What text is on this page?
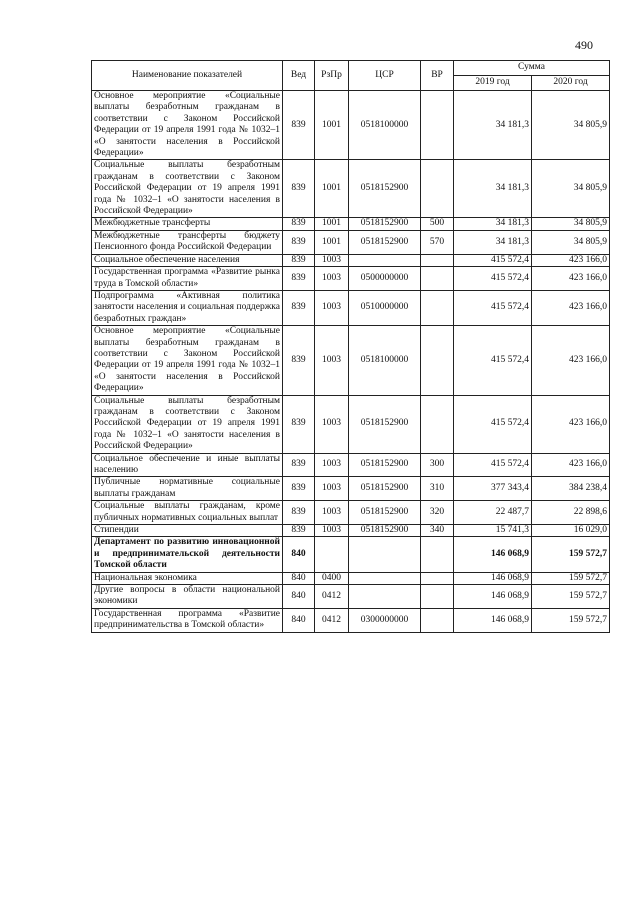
490
Наименование показателей	Вед	РзПр	ЦСР	ВР	Сумма	
					2019 год	2020 год
Основное мероприятие «Социальные выплаты безработным гражданам в соответствии с Законом Российской Федерации от 19 апреля 1991 года № 1032–1 «О занятости населения в Российской Федерации»	839	1001	0518100000		34 181,3	34 805,9
Социальные выплаты безработным гражданам в соответствии с Законом Российской Федерации от 19 апреля 1991 года № 1032–1 «О занятости населения в Российской Федерации»	839	1001	0518152900		34 181,3	34 805,9
Межбюджетные трансферты	839	1001	0518152900	500	34 181,3	34 805,9
Межбюджетные трансферты бюджету Пенсионного фонда Российской Федерации	839	1001	0518152900	570	34 181,3	34 805,9
Социальное обеспечение населения	839	1003			415 572,4	423 166,0
Государственная программа «Развитие рынка труда в Томской области»	839	1003	0500000000		415 572,4	423 166,0
Подпрограмма «Активная политика занятости населения и социальная поддержка безработных граждан»	839	1003	0510000000		415 572,4	423 166,0
Основное мероприятие «Социальные выплаты безработным гражданам в соответствии с Законом Российской Федерации от 19 апреля 1991 года № 1032–1 «О занятости населения в Российской Федерации»	839	1003	0518100000		415 572,4	423 166,0
Социальные выплаты безработным гражданам в соответствии с Законом Российской Федерации от 19 апреля 1991 года № 1032–1 «О занятости населения в Российской Федерации»	839	1003	0518152900		415 572,4	423 166,0
Социальное обеспечение и иные выплаты населению	839	1003	0518152900	300	415 572,4	423 166,0
Публичные нормативные социальные выплаты гражданам	839	1003	0518152900	310	377 343,4	384 238,4
Социальные выплаты гражданам, кроме публичных нормативных социальных выплат	839	1003	0518152900	320	22 487,7	22 898,6
Стипендии	839	1003	0518152900	340	15 741,3	16 029,0
Департамент по развитию инновационной и предпринимательской деятельности Томской области	840				146 068,9	159 572,7
Национальная экономика	840	0400			146 068,9	159 572,7
Другие вопросы в области национальной экономики	840	0412			146 068,9	159 572,7
Государственная программа «Развитие предпринимательства в Томской области»	840	0412	0300000000		146 068,9	159 572,7
